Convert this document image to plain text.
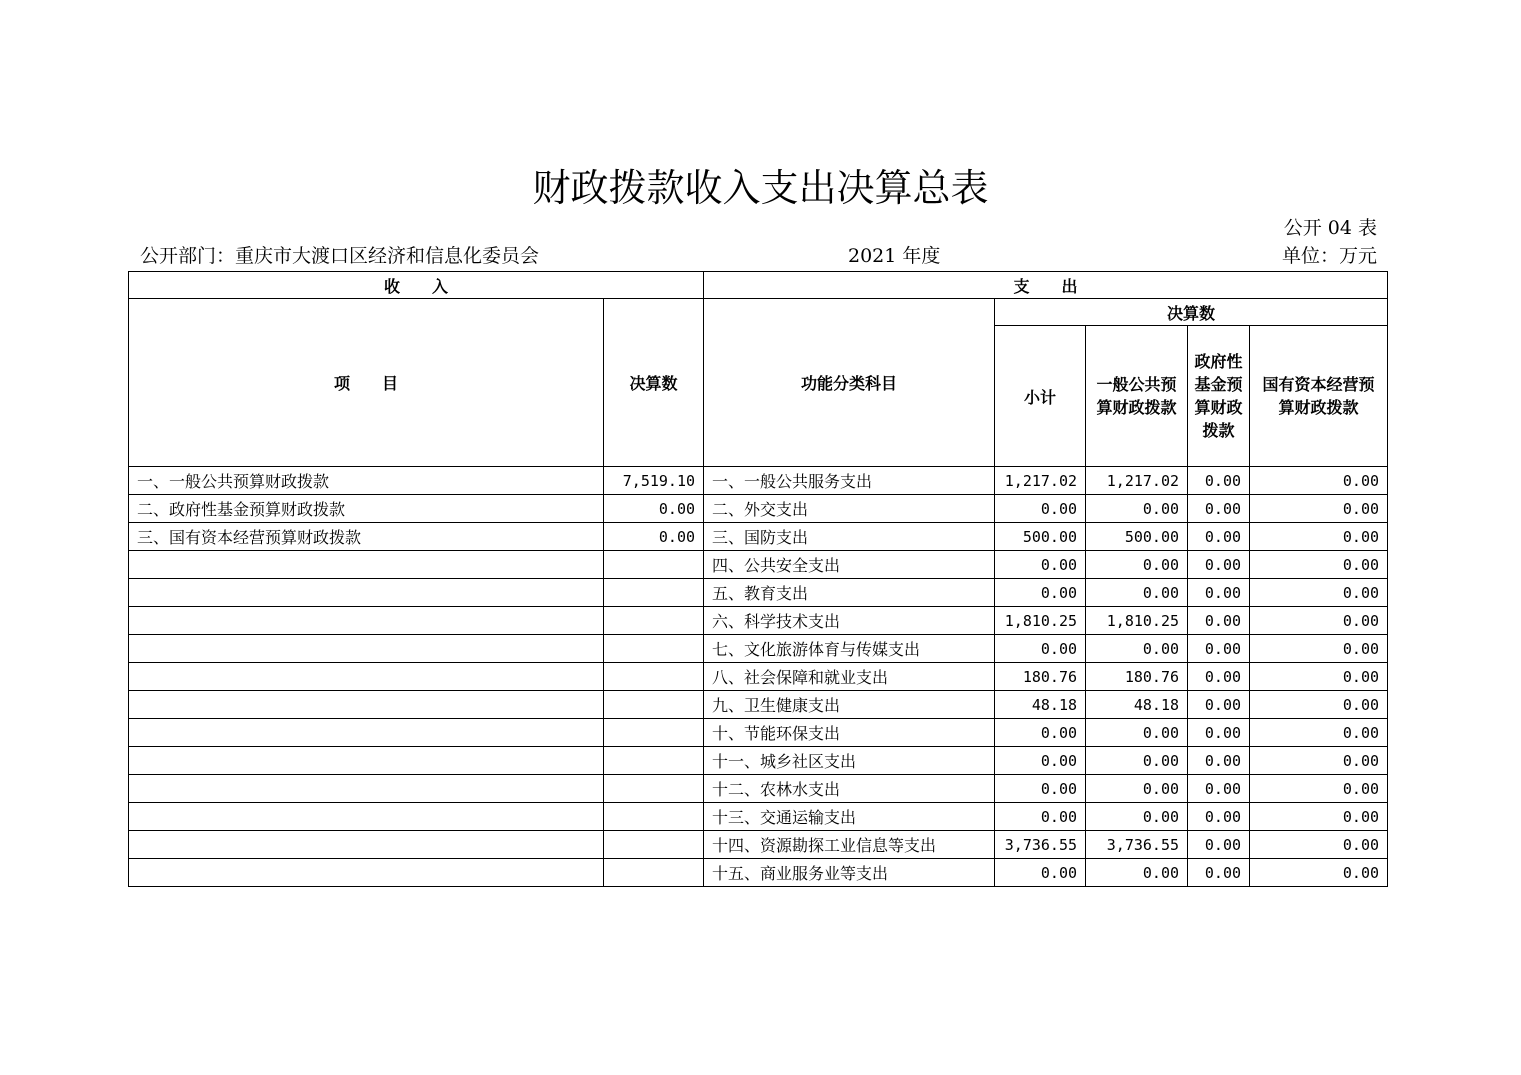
财政拨款收入支出决算总表
公开 04 表
公开部门：重庆市大渡口区经济和信息化委员会	2021 年度	单位：万元
收　　入		支　　出				
项　　目	决算数	功能分类科目	决算数			
			小计	一般公共预算财政拨款	政府性基金预算财政拨款	国有资本经营预算财政拨款
一、一般公共预算财政拨款	7,519.10	一、一般公共服务支出	1,217.02	1,217.02	0.00	0.00
二、政府性基金预算财政拨款	0.00	二、外交支出	0.00	0.00	0.00	0.00
三、国有资本经营预算财政拨款	0.00	三、国防支出	500.00	500.00	0.00	0.00
		四、公共安全支出	0.00	0.00	0.00	0.00
		五、教育支出	0.00	0.00	0.00	0.00
		六、科学技术支出	1,810.25	1,810.25	0.00	0.00
		七、文化旅游体育与传媒支出	0.00	0.00	0.00	0.00
		八、社会保障和就业支出	180.76	180.76	0.00	0.00
		九、卫生健康支出	48.18	48.18	0.00	0.00
		十、节能环保支出	0.00	0.00	0.00	0.00
		十一、城乡社区支出	0.00	0.00	0.00	0.00
		十二、农林水支出	0.00	0.00	0.00	0.00
		十三、交通运输支出	0.00	0.00	0.00	0.00
		十四、资源勘探工业信息等支出	3,736.55	3,736.55	0.00	0.00
		十五、商业服务业等支出	0.00	0.00	0.00	0.00
